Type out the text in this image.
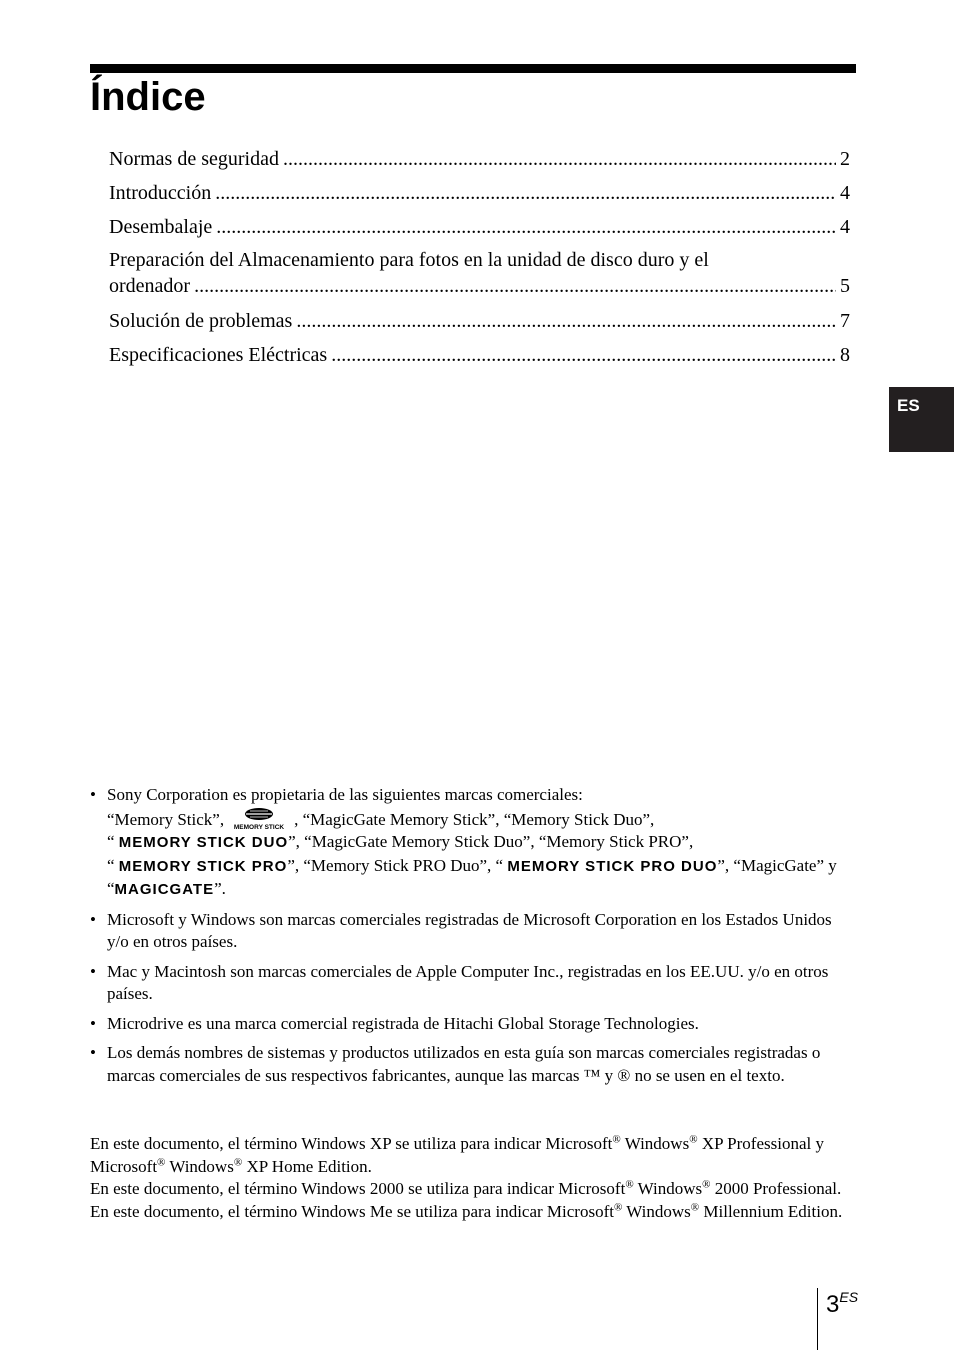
Índice
Normas de seguridad .....	2
Introducción .....	4
Desembalaje .....	4
Preparación del Almacenamiento para fotos en la unidad de disco duro y el
ordenador .....	5
Solución de problemas .....	7
Especificaciones Eléctricas .....	8
ES
• Sony Corporation es propietaria de las siguientes marcas comerciales:
“Memory Stick”, MEMORY STICK , “MagicGate Memory Stick”, “Memory Stick Duo”,
“ MEMORY STICK DUO”, “MagicGate Memory Stick Duo”, “Memory Stick PRO”,
“ MEMORY STICK PRO”, “Memory Stick PRO Duo”, “ MEMORY STICK PRO DUO”, “MagicGate” y
“MAGICGATE”.
• Microsoft y Windows son marcas comerciales registradas de Microsoft Corporation en los Estados Unidos y/o en otros países.
• Mac y Macintosh son marcas comerciales de Apple Computer Inc., registradas en los EE.UU. y/o en otros países.
• Microdrive es una marca comercial registrada de Hitachi Global Storage Technologies.
• Los demás nombres de sistemas y productos utilizados en esta guía son marcas comerciales registradas o marcas comerciales de sus respectivos fabricantes, aunque las marcas ™ y ® no se usen en el texto.

En este documento, el término Windows XP se utiliza para indicar Microsoft® Windows® XP Professional y Microsoft® Windows® XP Home Edition.

En este documento, el término Windows 2000 se utiliza para indicar Microsoft® Windows® 2000 Professional.

En este documento, el término Windows Me se utiliza para indicar Microsoft® Windows® Millennium Edition.

$3^{ES}$
